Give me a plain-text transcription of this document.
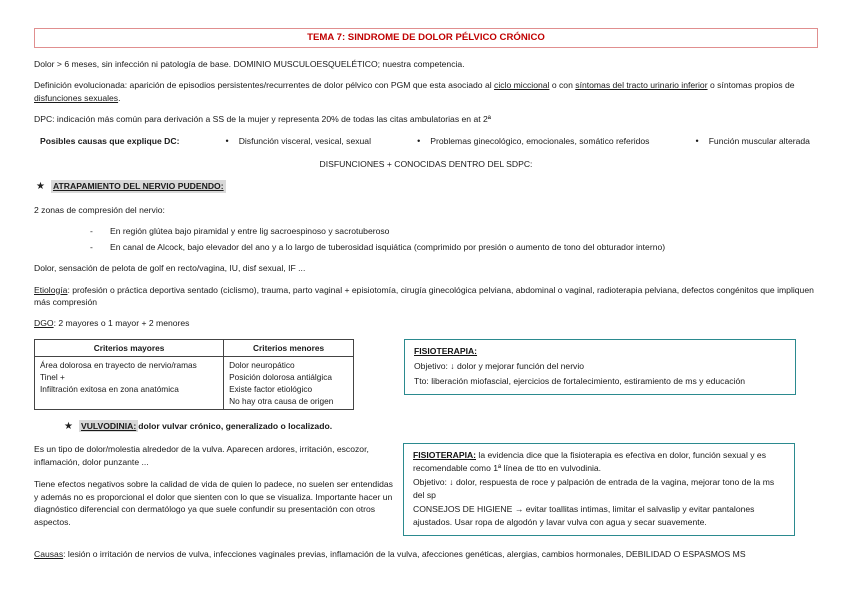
TEMA 7: SINDROME DE DOLOR PÉLVICO CRÓNICO

Dolor > 6 meses, sin infección ni patología de base. DOMINIO MUSCULOESQUELÉTICO; nuestra competencia.

Definición evolucionada: aparición de episodios persistentes/recurrentes de dolor pélvico con PGM que esta asociado al ciclo miccional o con síntomas del tracto urinario inferior o síntomas propios de disfunciones sexuales.

DPC: indicación más común para derivación a SS de la mujer y representa 20% de todas las citas ambulatorias en at 2ª

Posibles causas que explique DC:	• Disfunción visceral, vesical, sexual	• Problemas ginecológico, emocionales, somático referidos	• Función muscular alterada

DISFUNCIONES + CONOCIDAS DENTRO DEL SDPC:

★ ATRAPAMIENTO DEL NERVIO PUDENDO:

2 zonas de compresión del nervio:

-	En región glútea bajo piramidal y entre lig sacroespinoso y sacrotuberoso
-	En canal de Alcock, bajo elevador del ano y a lo largo de tuberosidad isquiática (comprimido por presión o aumento de tono del obturador interno)

Dolor, sensación de pelota de golf en recto/vagina, IU, disf sexual, IF ...

Etiología: profesión o práctica deportiva sentado (ciclismo), trauma, parto vaginal + episiotomía, cirugía ginecológica pelviana, abdominal o vaginal, radioterapia pelviana, defectos congénitos que impliquen más compresión

DGO: 2 mayores o 1 mayor + 2 menores

Criterios mayores	Criterios menores

Área dolorosa en trayecto de nervio/ramas
Tinel +
Infiltración exitosa en zona anatómica

Dolor neuropático
Posición dolorosa antiálgica
Existe factor etiológico
No hay otra causa de origen

FISIOTERAPIA:

Objetivo: ↓ dolor y mejorar función del nervio

Tto: liberación miofascial, ejercicios de fortalecimiento, estiramiento de ms y educación

★ VULVODINIA: dolor vulvar crónico, generalizado o localizado.

Es un tipo de dolor/molestia alrededor de la vulva. Aparecen ardores, irritación, escozor, inflamación, dolor punzante ...

Tiene efectos negativos sobre la calidad de vida de quien lo padece, no suelen ser entendidas y además no es proporcional el dolor que sienten con lo que se visualiza. Importante hacer un diagnóstico diferencial con dermatólogo ya que suele confundir su presentación con otros aspectos.

FISIOTERAPIA: la evidencia dice que la fisioterapia es efectiva en dolor, función sexual y es recomendable como 1ª línea de tto en vulvodinia.

Objetivo: ↓ dolor, respuesta de roce y palpación de entrada de la vagina, mejorar tono de la ms del sp

CONSEJOS DE HIGIENE → evitar toallitas intimas, limitar el salvaslip y evitar pantalones ajustados. Usar ropa de algodón y lavar vulva con agua y secar suavemente.

Causas: lesión o irritación de nervios de vulva, infecciones vaginales previas, inflamación de la vulva, afecciones genéticas, alergias, cambios hormonales, DEBILIDAD O ESPASMOS MS
